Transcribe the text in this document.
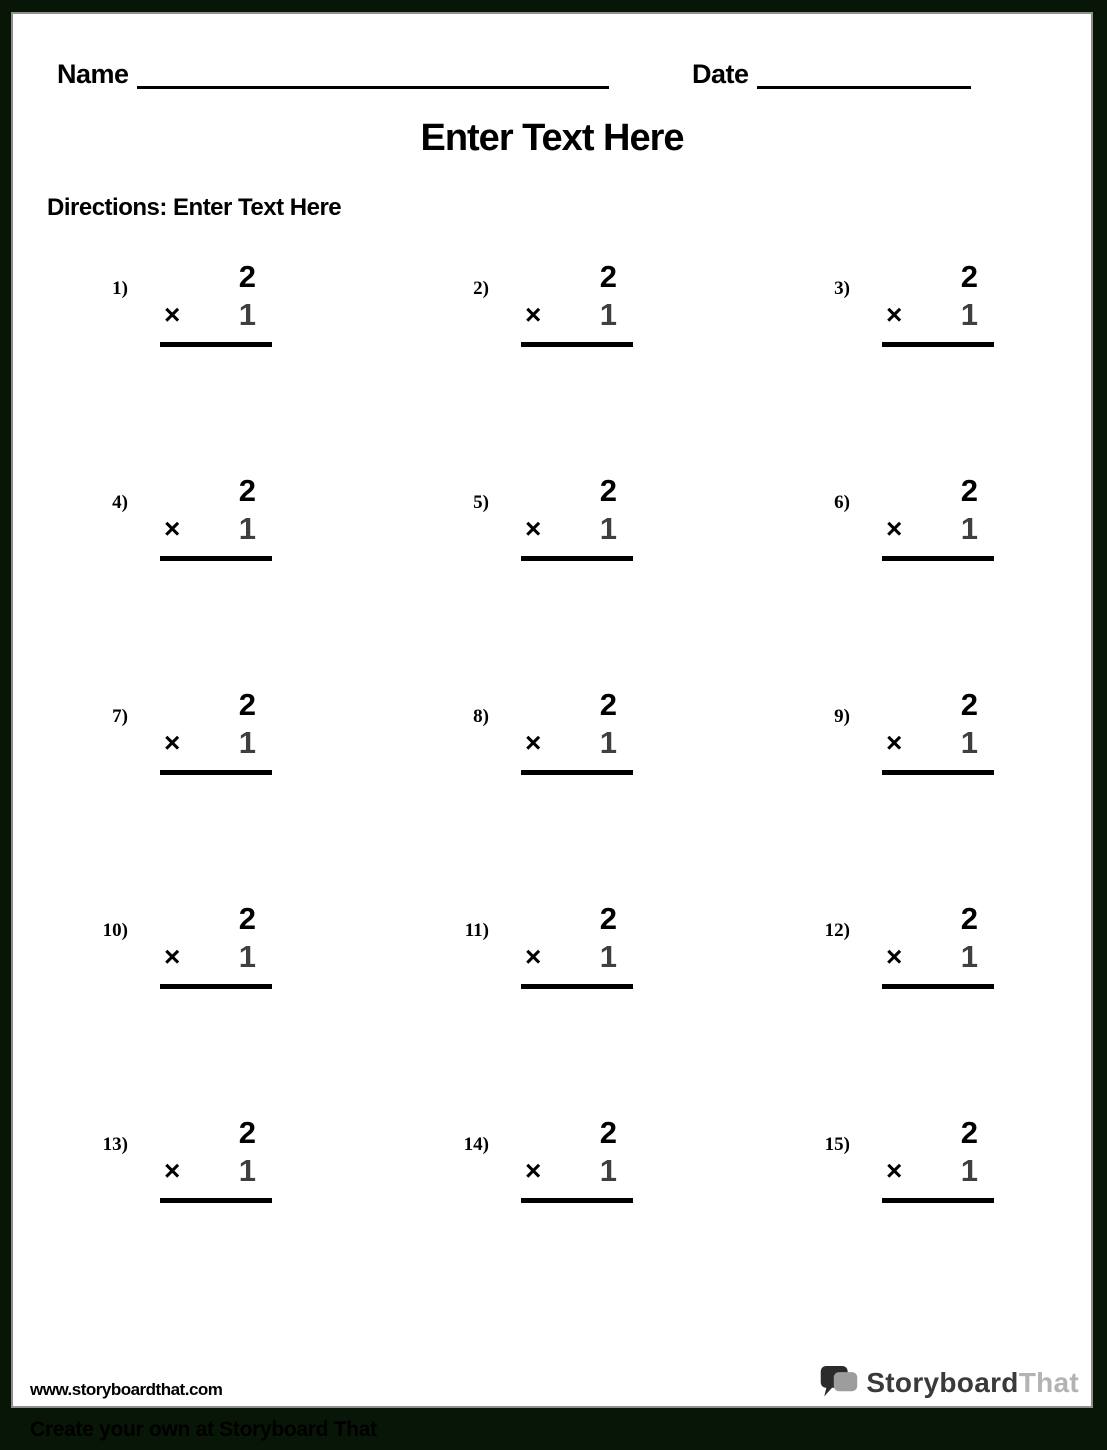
Name	Date
Enter Text Here
Directions: Enter Text Here
1)	2
× 1
2)	2
× 1
3)	2
× 1
4)	2
× 1
5)	2
× 1
6)	2
× 1
7)	2
× 1
8)	2
× 1
9)	2
× 1
10)	2
× 1
11)	2
× 1
12)	2
× 1
13)	2
× 1
14)	2
× 1
15)	2
× 1
www.storyboardthat.com	StoryboardThat
Create your own at Storyboard That
